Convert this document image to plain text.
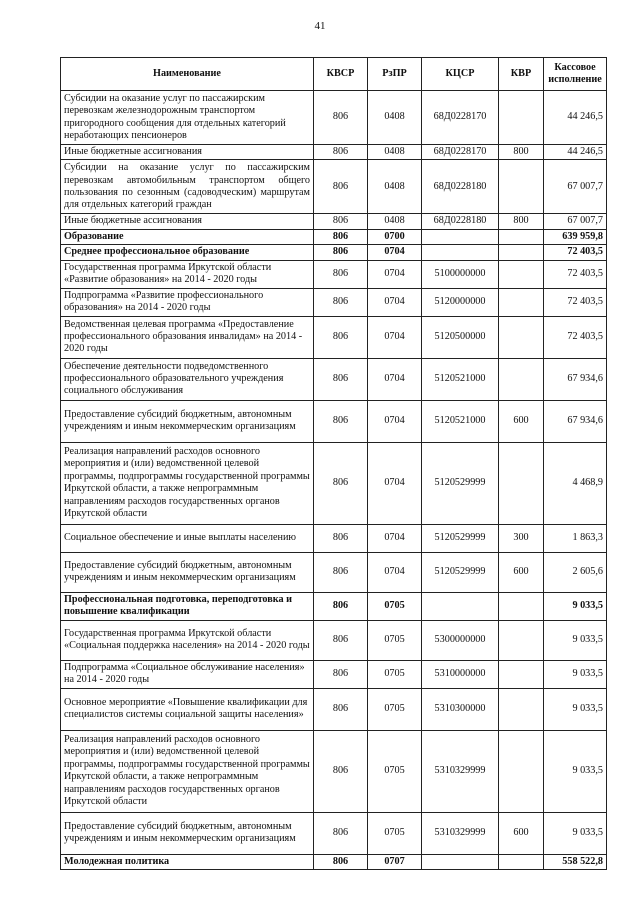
41
Наименование	КВСР	РзПР	КЦСР	КВР	Кассовое исполнение
Субсидии на оказание услуг по пассажирским перевозкам железнодорожным транспортом пригородного сообщения для отдельных категорий неработающих пенсионеров	806	0408	68Д0228170		44 246,5
Иные бюджетные ассигнования	806	0408	68Д0228170	800	44 246,5
Субсидии на оказание услуг по пассажирским перевозкам автомобильным транспортом общего пользования по сезонным (садоводческим) маршрутам для отдельных категорий граждан	806	0408	68Д0228180		67 007,7
Иные бюджетные ассигнования	806	0408	68Д0228180	800	67 007,7
Образование	806	0700			639 959,8
Среднее профессиональное образование	806	0704			72 403,5
Государственная программа Иркутской области «Развитие образования» на 2014 - 2020 годы	806	0704	5100000000		72 403,5
Подпрограмма «Развитие профессионального образования» на 2014 - 2020 годы	806	0704	5120000000		72 403,5
Ведомственная целевая программа «Предоставление профессионального образования инвалидам» на 2014 - 2020 годы	806	0704	5120500000		72 403,5
Обеспечение деятельности подведомственного профессионального образовательного учреждения социального обслуживания	806	0704	5120521000		67 934,6
Предоставление субсидий бюджетным, автономным учреждениям и иным некоммерческим организациям	806	0704	5120521000	600	67 934,6
Реализация направлений расходов основного мероприятия и (или) ведомственной целевой программы, подпрограммы государственной программы Иркутской области, а также непрограммным направлениям расходов государственных органов Иркутской области	806	0704	5120529999		4 468,9
Социальное обеспечение и иные выплаты населению	806	0704	5120529999	300	1 863,3
Предоставление субсидий бюджетным, автономным учреждениям и иным некоммерческим организациям	806	0704	5120529999	600	2 605,6
Профессиональная подготовка, переподготовка и повышение квалификации	806	0705			9 033,5
Государственная программа Иркутской области «Социальная поддержка населения» на 2014 - 2020 годы	806	0705	5300000000		9 033,5
Подпрограмма «Социальное обслуживание населения» на 2014 - 2020 годы	806	0705	5310000000		9 033,5
Основное мероприятие «Повышение квалификации для специалистов системы социальной защиты населения»	806	0705	5310300000		9 033,5
Реализация направлений расходов основного мероприятия и (или) ведомственной целевой программы, подпрограммы государственной программы Иркутской области, а также непрограммным направлениям расходов государственных органов Иркутской области	806	0705	5310329999		9 033,5
Предоставление субсидий бюджетным, автономным учреждениям и иным некоммерческим организациям	806	0705	5310329999	600	9 033,5
Молодежная политика	806	0707			558 522,8
